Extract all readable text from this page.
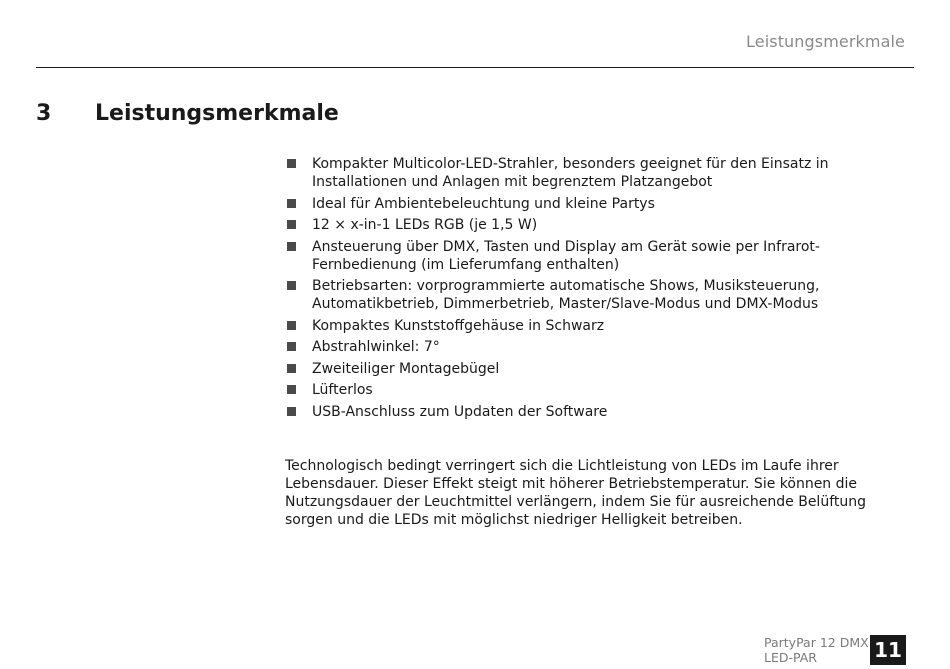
Leistungsmerkmale
3 Leistungsmerkmale
Kompakter Multicolor-LED-Strahler, besonders geeignet für den Einsatz in Installationen und Anlagen mit begrenztem Platzangebot
Ideal für Ambientebeleuchtung und kleine Partys
12 × x-in-1 LEDs RGB (je 1,5 W)
Ansteuerung über DMX, Tasten und Display am Gerät sowie per Infrarot-Fernbedienung (im Lieferumfang enthalten)
Betriebsarten: vorprogrammierte automatische Shows, Musiksteuerung, Automatikbetrieb, Dimmerbetrieb, Master/Slave-Modus und DMX-Modus
Kompaktes Kunststoffgehäuse in Schwarz
Abstrahlwinkel: 7°
Zweiteiliger Montagebügel
Lüfterlos
USB-Anschluss zum Updaten der Software

Technologisch bedingt verringert sich die Lichtleistung von LEDs im Laufe ihrer Lebensdauer. Dieser Effekt steigt mit höherer Betriebstemperatur. Sie können die Nutzungsdauer der Leuchtmittel verlängern, indem Sie für ausreichende Belüftung sorgen und die LEDs mit möglichst niedriger Helligkeit betreiben.

PartyPar 12 DMX
LED-PAR	11
